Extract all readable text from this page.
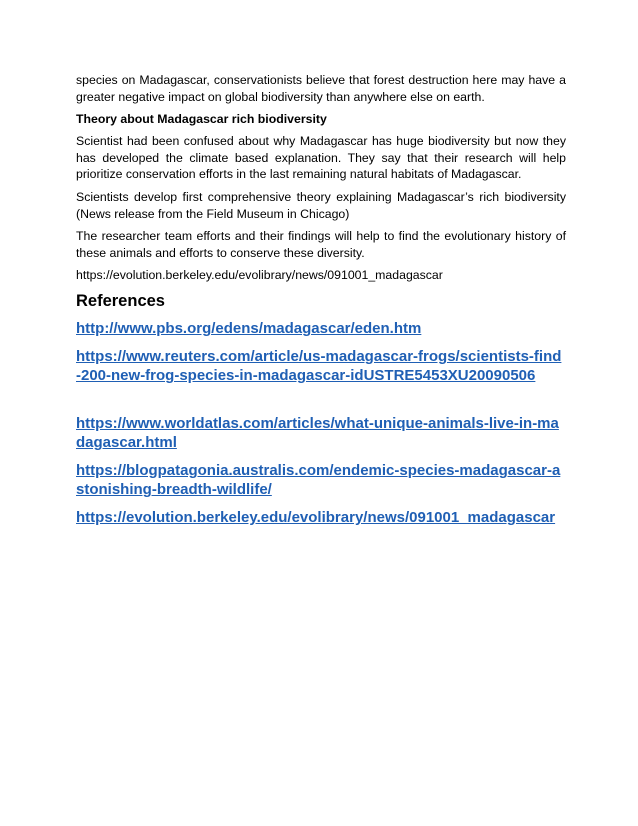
species on Madagascar, conservationists believe that forest destruction here may have a greater negative impact on global biodiversity than anywhere else on earth.

Theory about Madagascar rich biodiversity

Scientist had been confused about why Madagascar has huge biodiversity but now they has developed the climate based explanation. They say that their research will help prioritize conservation efforts in the last remaining natural habitats of Madagascar.

Scientists develop first comprehensive theory explaining Madagascar’s rich biodiversity (News release from the Field Museum in Chicago)

The researcher team efforts and their findings will help to find the evolutionary history of these animals and efforts to conserve these diversity.

https://evolution.berkeley.edu/evolibrary/news/091001_madagascar

References
http://www.pbs.org/edens/madagascar/eden.htm
https://www.reuters.com/article/us-madagascar-frogs/scientists-find-200-new-frog-species-in-madagascar-idUSTRE5453XU20090506
https://www.worldatlas.com/articles/what-unique-animals-live-in-madagascar.html
https://blogpatagonia.australis.com/endemic-species-madagascar-astonishing-breadth-wildlife/
https://evolution.berkeley.edu/evolibrary/news/091001_madagascar
